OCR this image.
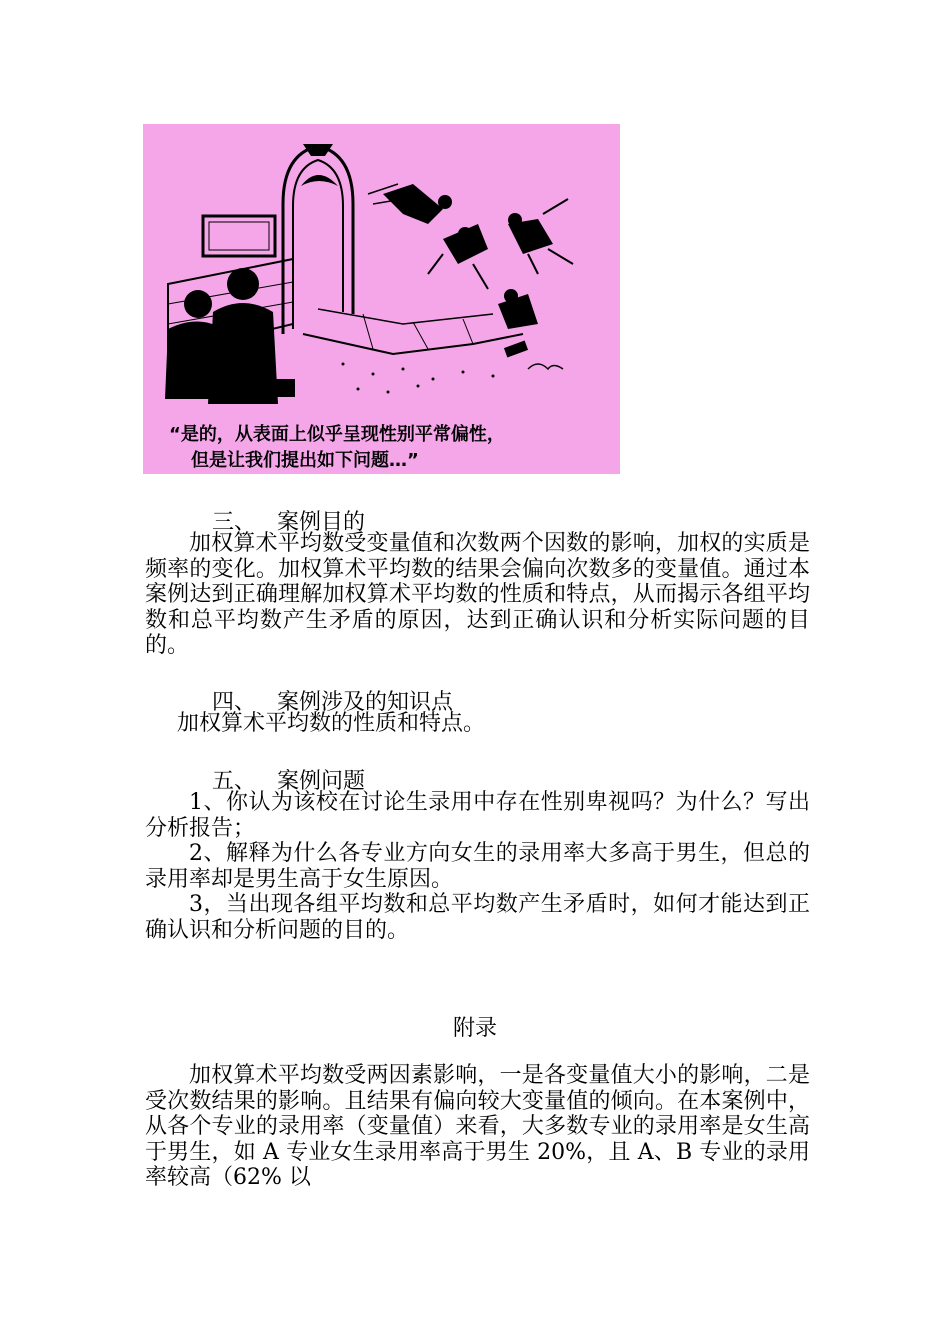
“是的，从表面上似乎呈现性别平常偏性，
但是让我们提出如下问题…”
三、 案例目的

加权算术平均数受变量值和次数两个因数的影响，加权的实质是频率的变化。加权算术平均数的结果会偏向次数多的变量值。通过本案例达到正确理解加权算术平均数的性质和特点，从而揭示各组平均数和总平均数产生矛盾的原因，达到正确认识和分析实际问题的目的。

四、 案例涉及的知识点

加权算术平均数的性质和特点。

五、 案例问题

1、你认为该校在讨论生录用中存在性别卑视吗？为什么？写出分析报告；

2、解释为什么各专业方向女生的录用率大多高于男生，但总的录用率却是男生高于女生原因。

3，当出现各组平均数和总平均数产生矛盾时，如何才能达到正确认识和分析问题的目的。

附录

加权算术平均数受两因素影响，一是各变量值大小的影响，二是受次数结果的影响。且结果有偏向较大变量值的倾向。在本案例中，从各个专业的录用率（变量值）来看，大多数专业的录用率是女生高于男生，如 A 专业女生录用率高于男生 20%，且 A、B 专业的录用率较高（62% 以
